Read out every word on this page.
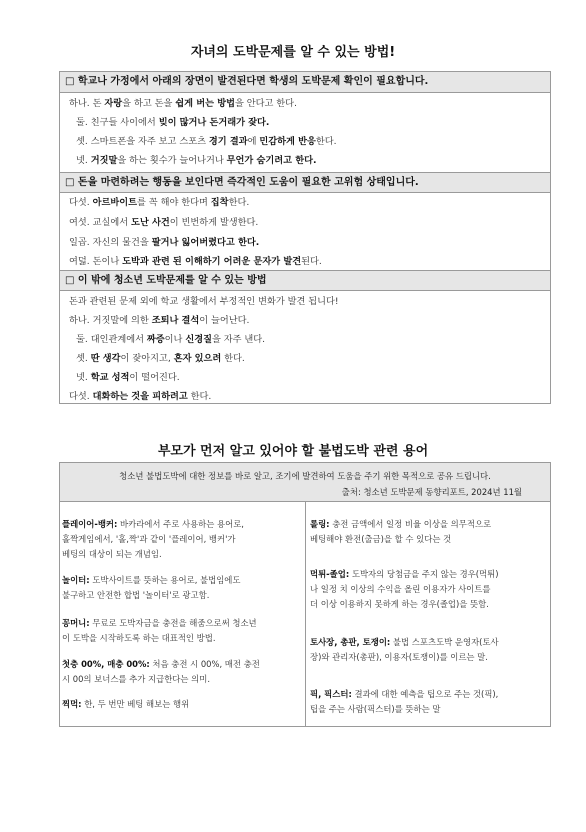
자녀의 도박문제를 알 수 있는 방법!
□ 학교나 가정에서 아래의 장면이 발견된다면 학생의 도박문제 확인이 필요합니다.
하나. 돈 자랑을 하고 돈을 쉽게 버는 방법을 안다고 한다.
둘. 친구들 사이에서 빚이 많거나 돈거래가 잦다.
셋. 스마트폰을 자주 보고 스포츠 경기 결과에 민감하게 반응한다.
넷. 거짓말을 하는 횟수가 늘어나거나 무언가 숨기려고 한다.
□ 돈을 마련하려는 행동을 보인다면 즉각적인 도움이 필요한 고위험 상태입니다.
다섯. 아르바이트를 꼭 해야 한다며 집착한다.
여섯. 교실에서 도난 사건이 빈번하게 발생한다.
일곱. 자신의 물건을 팔거나 잃어버렸다고 한다.
여덟. 돈이나 도박과 관련 된 이해하기 어려운 문자가 발견된다.
□ 이 밖에 청소년 도박문제를 알 수 있는 방법
돈과 관련된 문제 외에 학교 생활에서 부정적인 변화가 발견 됩니다!
하나. 거짓말에 의한 조퇴나 결석이 늘어난다.
둘. 대인관계에서 짜증이나 신경질을 자주 낸다.
셋. 딴 생각이 잦아지고, 혼자 있으려 한다.
넷. 학교 성적이 떨어진다.
다섯. 대화하는 것을 피하려고 한다.
부모가 먼저 알고 있어야 할 불법도박 관련 용어
청소년 불법도박에 대한 정보를 바로 알고, 조기에 발견하여 도움을 주기 위한 목적으로 공유 드립니다.
출처: 청소년 도박문제 동향리포트, 2024년 11월
플레이어-뱅커: 바카라에서 주로 사용하는 용어로,
홀짝게임에서, '홀,짝'과 같이 '플레이어, 뱅커'가
베팅의 대상이 되는 개념임.
놀이터: 도박사이트를 뜻하는 용어로, 불법임에도
불구하고 안전한 합법 '놀이터'로 광고함.
꽁머니: 무료로 도박자금을 충전을 해줌으로써 청소년
이 도박을 시작하도록 하는 대표적인 방법.
첫충 00%, 매충 00%: 처음 충전 시 00%, 매전 충전
시 00의 보너스를 추가 지급한다는 의미.
찍먹: 한, 두 번만 베팅 해보는 행위
롤링: 충전 금액에서 일정 비율 이상을 의무적으로
베팅해야 환전(출금)을 할 수 있다는 것
먹튀-졸업: 도박자의 당첨금을 주지 않는 경우(먹튀)
나 일정 치 이상의 수익을 올린 이용자가 사이트를
더 이상 이용하지 못하게 하는 경우(졸업)을 뜻함.
토사장, 총판, 토쟁이: 불법 스포츠도박 운영자(토사
장)와 관리자(총판), 이용자(토쟁이)를 이르는 말.
픽, 픽스터: 결과에 대한 예측을 팁으로 주는 것(픽),
팁을 주는 사람(픽스터)를 뜻하는 말
